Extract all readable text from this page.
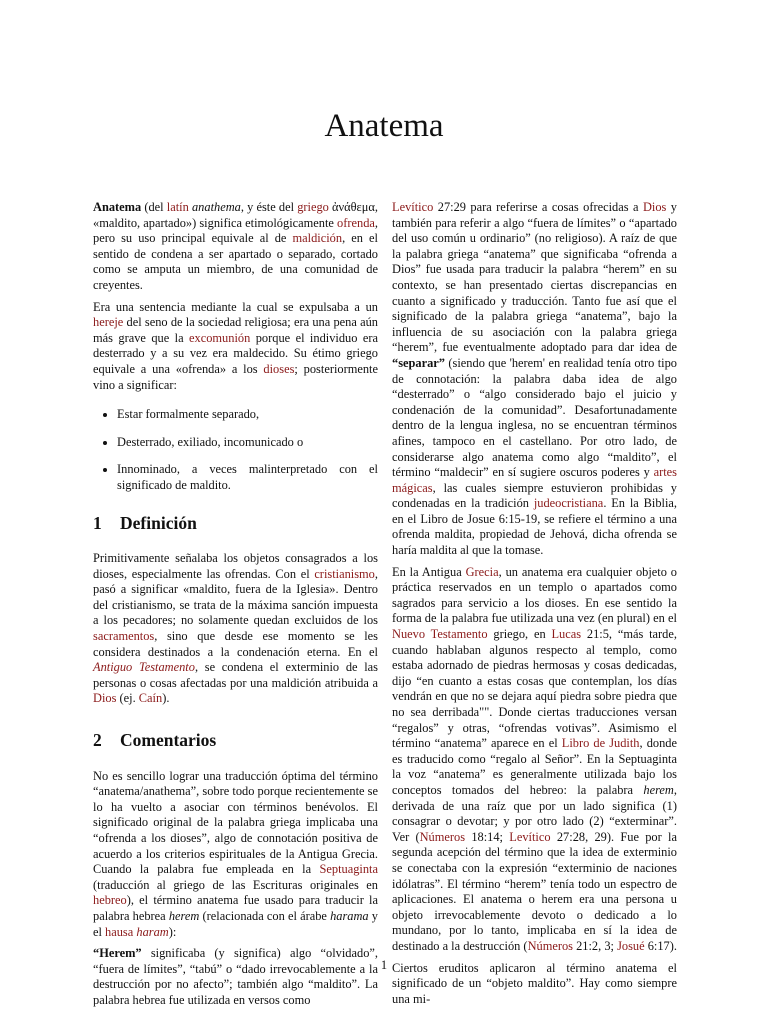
Anatema

Anatema (del latín anathema, y éste del griego ἀνάθεμα, «maldito, apartado») significa etimológicamente ofrenda, pero su uso principal equivale al de maldición, en el sentido de condena a ser apartado o separado, cortado como se amputa un miembro, de una comunidad de creyentes.

Era una sentencia mediante la cual se expulsaba a un hereje del seno de la sociedad religiosa; era una pena aún más grave que la excomunión porque el individuo era desterrado y a su vez era maldecido. Su étimo griego equivale a una «ofrenda» a los dioses; posteriormente vino a significar:

• Estar formalmente separado,
• Desterrado, exiliado, incomunicado o
• Innominado, a veces malinterpretado con el significado de maldito.
1 Definición

Primitivamente señalaba los objetos consagrados a los dioses, especialmente las ofrendas. Con el cristianismo, pasó a significar «maldito, fuera de la Iglesia». Dentro del cristianismo, se trata de la máxima sanción impuesta a los pecadores; no solamente quedan excluidos de los sacramentos, sino que desde ese momento se les considera destinados a la condenación eterna. En el Antiguo Testamento, se condena el exterminio de las personas o cosas afectadas por una maldición atribuida a Dios (ej. Caín).

2 Comentarios

No es sencillo lograr una traducción óptima del término “anatema/anathema”, sobre todo porque recientemente se lo ha vuelto a asociar con términos benévolos. El significado original de la palabra griega implicaba una “ofrenda a los dioses”, algo de connotación positiva de acuerdo a los criterios espirituales de la Antigua Grecia. Cuando la palabra fue empleada en la Septuaginta (traducción al griego de las Escrituras originales en hebreo), el término anatema fue usado para traducir la palabra hebrea herem (relacionada con el árabe harama y el hausa haram):

“Herem” significaba (y significa) algo “olvidado”, “fuera de límites”, “tabú” o “dado irrevocablemente a la destrucción por no afecto”; también algo “maldito”. La palabra hebrea fue utilizada en versos como

Levítico 27:29 para referirse a cosas ofrecidas a Dios y también para referir a algo “fuera de límites” o “apartado del uso común u ordinario” (no religioso). A raíz de que la palabra griega “anatema” que significaba “ofrenda a Dios” fue usada para traducir la palabra “herem” en su contexto, se han presentado ciertas discrepancias en cuanto a significado y traducción. Tanto fue así que el significado de la palabra griega “anatema”, bajo la influencia de su asociación con la palabra griega “herem”, fue eventualmente adoptado para dar idea de “separar” (siendo que 'herem' en realidad tenía otro tipo de connotación: la palabra daba idea de algo “desterrado” o “algo considerado bajo el juicio y condenación de la comunidad”. Desafortunadamente dentro de la lengua inglesa, no se encuentran términos afines, tampoco en el castellano. Por otro lado, de considerarse algo anatema como algo “maldito”, el término “maldecir” en sí sugiere oscuros poderes y artes mágicas, las cuales siempre estuvieron prohibidas y condenadas en la tradición judeocristiana. En la Biblia, en el Libro de Josue 6:15-19, se refiere el término a una ofrenda maldita, propiedad de Jehová, dicha ofrenda se haría maldita al que la tomase.

En la Antigua Grecia, un anatema era cualquier objeto o práctica reservados en un templo o apartados como sagrados para servicio a los dioses. En ese sentido la forma de la palabra fue utilizada una vez (en plural) en el Nuevo Testamento griego, en Lucas 21:5, “más tarde, cuando hablaban algunos respecto al templo, como estaba adornado de piedras hermosas y cosas dedicadas, dijo “en cuanto a estas cosas que contemplan, los días vendrán en que no se dejara aquí piedra sobre piedra que no sea derribada"". Donde ciertas traducciones versan “regalos” y otras, “ofrendas votivas”. Asimismo el término “anatema” aparece en el Libro de Judith, donde es traducido como “regalo al Señor”. En la Septuaginta la voz “anatema” es generalmente utilizada bajo los conceptos tomados del hebreo: la palabra herem, derivada de una raíz que por un lado significa (1) consagrar o devotar; y por otro lado (2) “exterminar”. Ver (Números 18:14; Levítico 27:28, 29). Fue por la segunda acepción del término que la idea de exterminio se conectaba con la expresión “exterminio de naciones idólatras”. El término “herem” tenía todo un espectro de aplicaciones. El anatema o herem era una persona u objeto irrevocablemente devoto o dedicado a lo mundano, por lo tanto, implicaba en sí la idea de destinado a la destrucción (Números 21:2, 3; Josué 6:17).

Ciertos eruditos aplicaron al término anatema el significado de un “objeto maldito”. Hay como siempre una mi-

1
